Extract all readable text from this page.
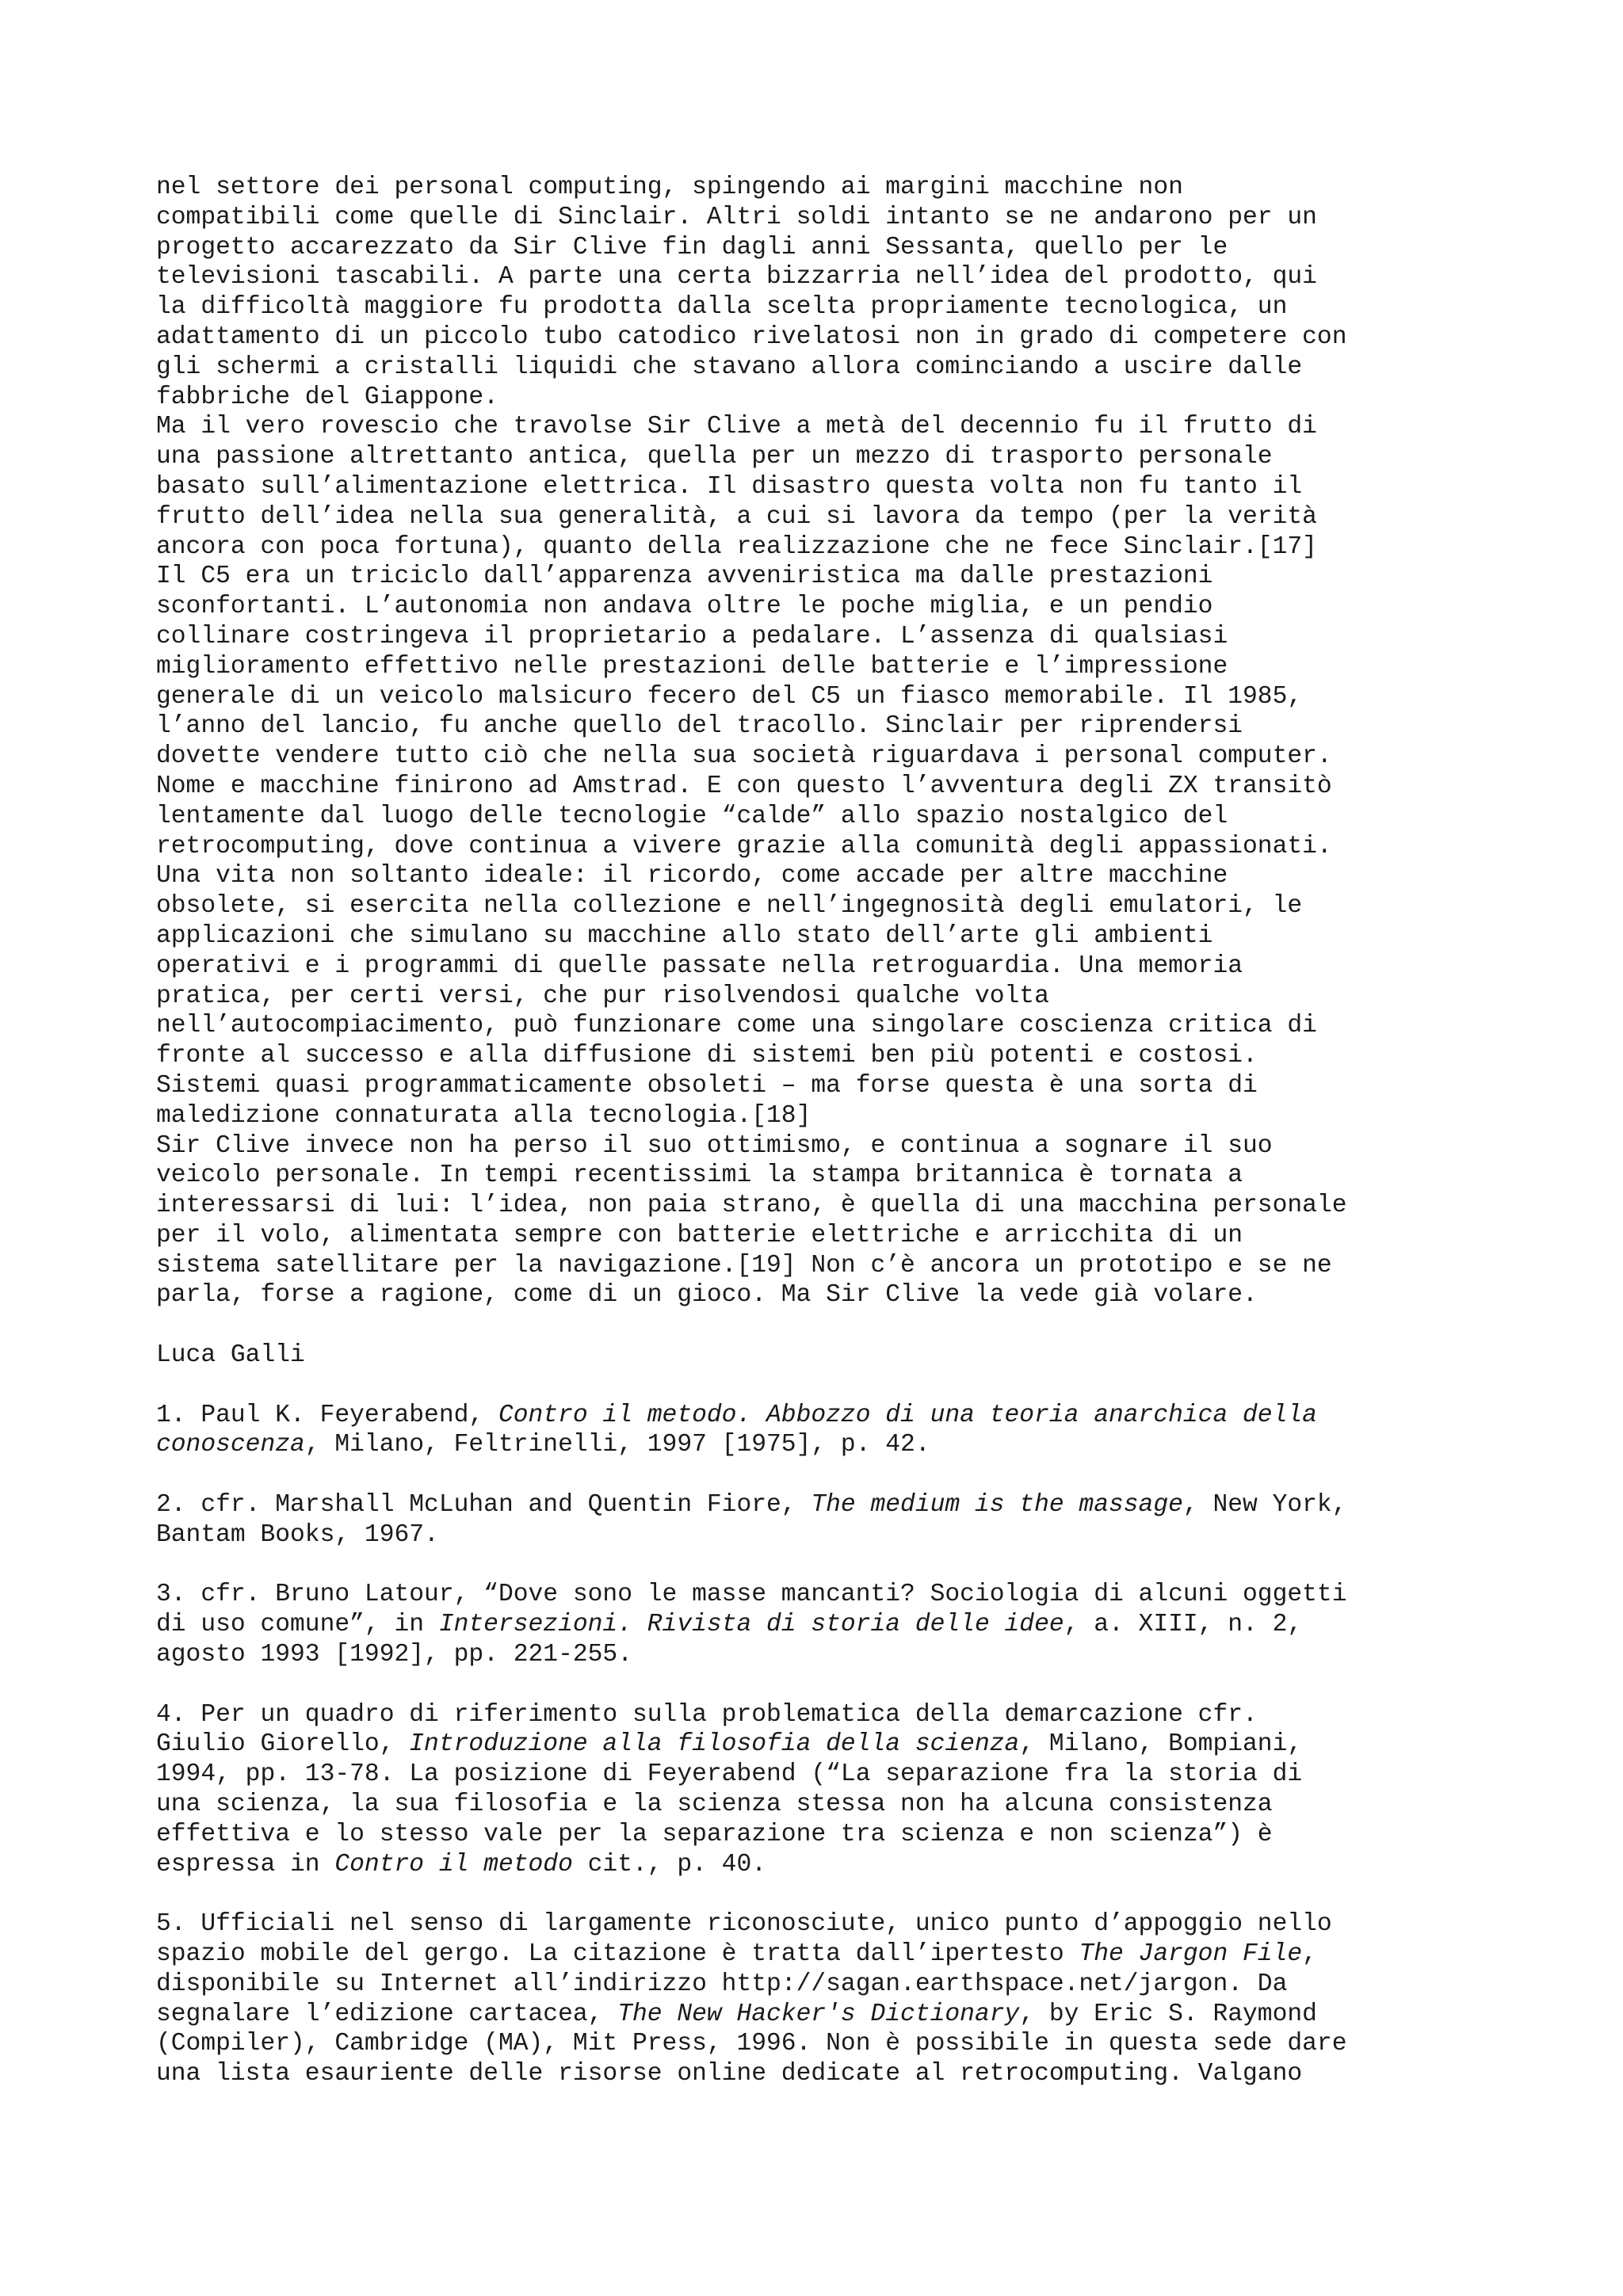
nel settore dei personal computing, spingendo ai margini macchine non

compatibili come quelle di Sinclair. Altri soldi intanto se ne andarono per un

progetto accarezzato da Sir Clive fin dagli anni Sessanta, quello per le

televisioni tascabili. A parte una certa bizzarria nell’idea del prodotto, qui

la difficoltà maggiore fu prodotta dalla scelta propriamente tecnologica, un

adattamento di un piccolo tubo catodico rivelatosi non in grado di competere con

gli schermi a cristalli liquidi che stavano allora cominciando a uscire dalle

fabbriche del Giappone.

Ma il vero rovescio che travolse Sir Clive a metà del decennio fu il frutto di

una passione altrettanto antica, quella per un mezzo di trasporto personale

basato sull’alimentazione elettrica. Il disastro questa volta non fu tanto il

frutto dell’idea nella sua generalità, a cui si lavora da tempo (per la verità

ancora con poca fortuna), quanto della realizzazione che ne fece Sinclair.[17]

Il C5 era un triciclo dall’apparenza avveniristica ma dalle prestazioni

sconfortanti. L’autonomia non andava oltre le poche miglia, e un pendio

collinare costringeva il proprietario a pedalare. L’assenza di qualsiasi

miglioramento effettivo nelle prestazioni delle batterie e l’impressione

generale di un veicolo malsicuro fecero del C5 un fiasco memorabile. Il 1985,

l’anno del lancio, fu anche quello del tracollo. Sinclair per riprendersi

dovette vendere tutto ciò che nella sua società riguardava i personal computer.

Nome e macchine finirono ad Amstrad. E con questo l’avventura degli ZX transitò

lentamente dal luogo delle tecnologie “calde” allo spazio nostalgico del

retrocomputing, dove continua a vivere grazie alla comunità degli appassionati.

Una vita non soltanto ideale: il ricordo, come accade per altre macchine

obsolete, si esercita nella collezione e nell’ingegnosità degli emulatori, le

applicazioni che simulano su macchine allo stato dell’arte gli ambienti

operativi e i programmi di quelle passate nella retroguardia. Una memoria

pratica, per certi versi, che pur risolvendosi qualche volta

nell’autocompiacimento, può funzionare come una singolare coscienza critica di

fronte al successo e alla diffusione di sistemi ben più potenti e costosi.

Sistemi quasi programmaticamente obsoleti – ma forse questa è una sorta di

maledizione connaturata alla tecnologia.[18]

Sir Clive invece non ha perso il suo ottimismo, e continua a sognare il suo

veicolo personale. In tempi recentissimi la stampa britannica è tornata a

interessarsi di lui: l’idea, non paia strano, è quella di una macchina personale

per il volo, alimentata sempre con batterie elettriche e arricchita di un

sistema satellitare per la navigazione.[19] Non c’è ancora un prototipo e se ne

parla, forse a ragione, come di un gioco. Ma Sir Clive la vede già volare.

Luca Galli

1. Paul K. Feyerabend, Contro il metodo. Abbozzo di una teoria anarchica della

conoscenza, Milano, Feltrinelli, 1997 [1975], p. 42.

2. cfr. Marshall McLuhan and Quentin Fiore, The medium is the massage, New York,

Bantam Books, 1967.

3. cfr. Bruno Latour, “Dove sono le masse mancanti? Sociologia di alcuni oggetti

di uso comune”, in Intersezioni. Rivista di storia delle idee, a. XIII, n. 2,

agosto 1993 [1992], pp. 221-255.

4. Per un quadro di riferimento sulla problematica della demarcazione cfr.

Giulio Giorello, Introduzione alla filosofia della scienza, Milano, Bompiani,

1994, pp. 13-78. La posizione di Feyerabend (“La separazione fra la storia di

una scienza, la sua filosofia e la scienza stessa non ha alcuna consistenza

effettiva e lo stesso vale per la separazione tra scienza e non scienza”) è

espressa in Contro il metodo cit., p. 40.

5. Ufficiali nel senso di largamente riconosciute, unico punto d’appoggio nello

spazio mobile del gergo. La citazione è tratta dall’ipertesto The Jargon File,

disponibile su Internet all’indirizzo http://sagan.earthspace.net/jargon. Da

segnalare l’edizione cartacea, The New Hacker's Dictionary, by Eric S. Raymond

(Compiler), Cambridge (MA), Mit Press, 1996. Non è possibile in questa sede dare

una lista esauriente delle risorse online dedicate al retrocomputing. Valgano
